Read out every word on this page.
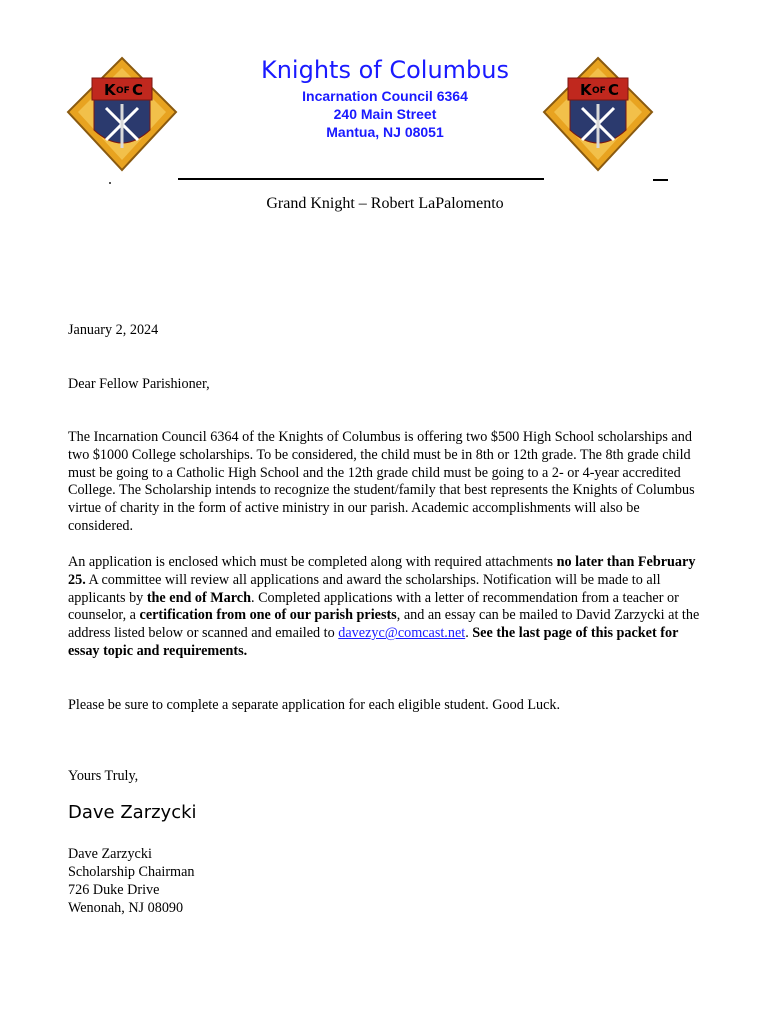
K OF C	K OF C
Knights of Columbus
Incarnation Council 6364
240 Main Street
Mantua, NJ 08051
Grand Knight – Robert LaPalomento
January 2, 2024
Dear Fellow Parishioner,
The Incarnation Council 6364 of the Knights of Columbus is offering two $500 High School scholarships and two $1000 College scholarships. To be considered, the child must be in 8th or 12th grade. The 8th grade child must be going to a Catholic High School and the 12th grade child must be going to a 2- or 4-year accredited College. The Scholarship intends to recognize the student/family that best represents the Knights of Columbus virtue of charity in the form of active ministry in our parish. Academic accomplishments will also be considered.
An application is enclosed which must be completed along with required attachments no later than February 25. A committee will review all applications and award the scholarships. Notification will be made to all applicants by the end of March. Completed applications with a letter of recommendation from a teacher or counselor, a certification from one of our parish priests, and an essay can be mailed to David Zarzycki at the address listed below or scanned and emailed to davezyc@comcast.net. See the last page of this packet for essay topic and requirements.
Please be sure to complete a separate application for each eligible student. Good Luck.
Yours Truly,
Dave Zarzycki
Dave Zarzycki
Scholarship Chairman
726 Duke Drive
Wenonah, NJ 08090
